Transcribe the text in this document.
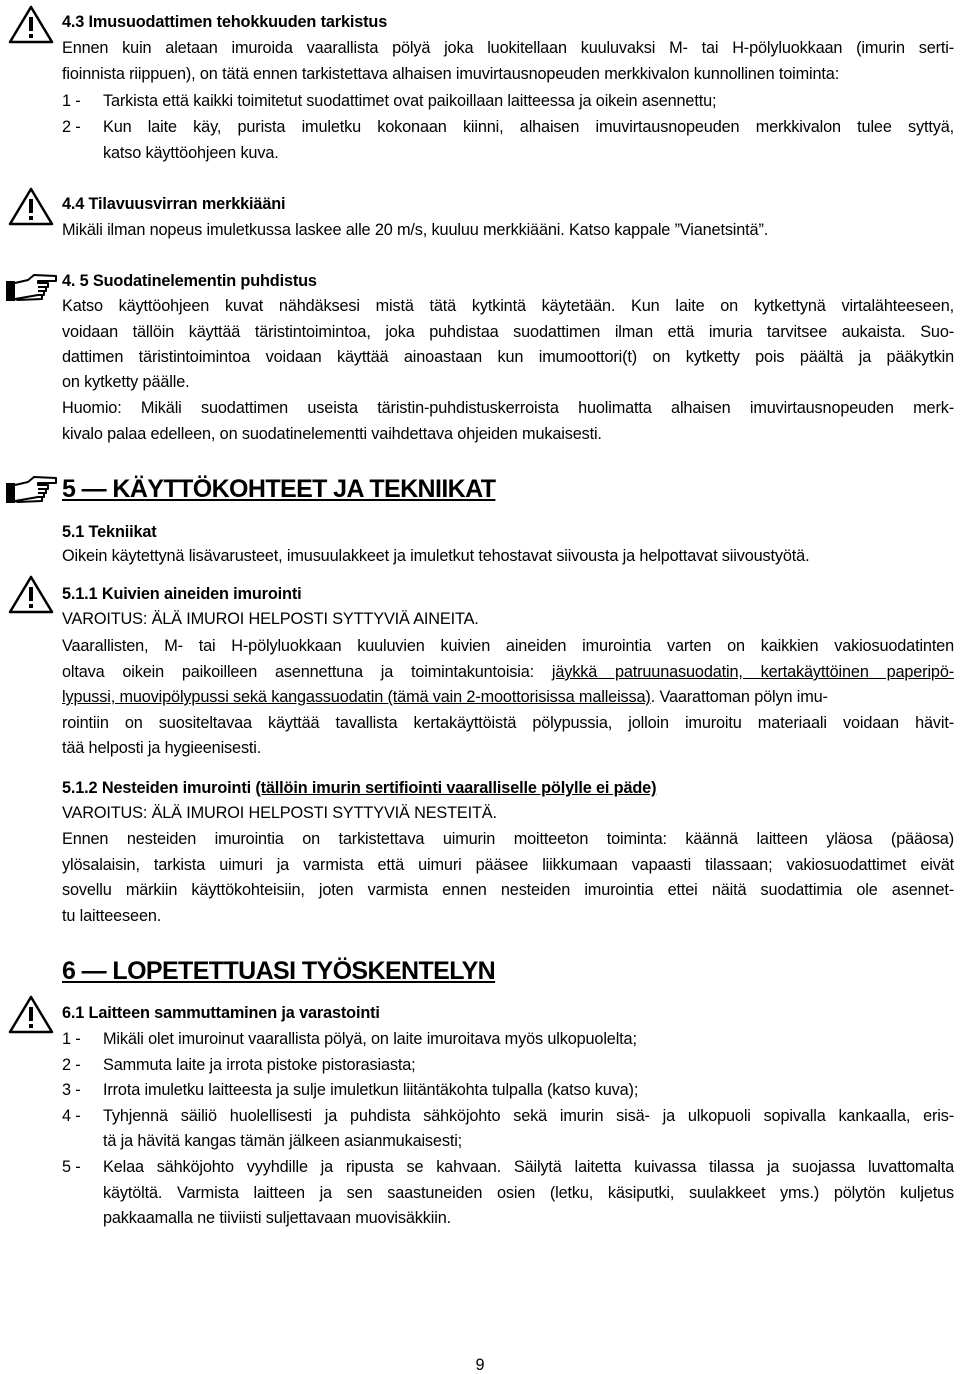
4.3 Imusuodattimen tehokkuuden tarkistus
Ennen kuin aletaan imuroida vaarallista pölyä joka luokitellaan kuuluvaksi M- tai H-pölyluokkaan (imurin serti-
fioinnista riippuen), on tätä ennen tarkistettava alhaisen imuvirtausnopeuden merkkivalon kunnollinen toiminta:
1 - Tarkista että kaikki toimitetut suodattimet ovat paikoillaan laitteessa ja oikein asennettu;
2 - Kun laite käy, purista imuletku kokonaan kiinni, alhaisen imuvirtausnopeuden merkkivalon tulee syttyä,
katso käyttöohjeen kuva.
4.4 Tilavuusvirran merkkiääni
Mikäli ilman nopeus imuletkussa laskee alle 20 m/s, kuuluu merkkiääni. Katso kappale ”Vianetsintä”.
4. 5 Suodatinelementin puhdistus
Katso käyttöohjeen kuvat nähdäksesi mistä tätä kytkintä käytetään. Kun laite on kytkettynä virtalähteeseen,
voidaan tällöin käyttää täristintoimintoa, joka puhdistaa suodattimen ilman että imuria tarvitsee aukaista. Suo-
dattimen täristintoimintoa voidaan käyttää ainoastaan kun imumoottori(t) on kytketty pois päältä ja pääkytkin
on kytketty päälle.
Huomio: Mikäli suodattimen useista täristin-puhdistuskerroista huolimatta alhaisen imuvirtausnopeuden merk-
kivalo palaa edelleen, on suodatinelementti vaihdettava ohjeiden mukaisesti.
5 — KÄYTTÖKOHTEET JA TEKNIIKAT
5.1 Tekniikat
Oikein käytettynä lisävarusteet, imusuulakkeet ja imuletkut tehostavat siivousta ja helpottavat siivoustyötä.
5.1.1 Kuivien aineiden imurointi
VAROITUS: ÄLÄ IMUROI HELPOSTI SYTTYVIÄ AINEITA.
Vaarallisten, M- tai H-pölyluokkaan kuuluvien kuivien aineiden imurointia varten on kaikkien vakiosuodatinten
oltava oikein paikoilleen asennettuna ja toimintakuntoisia: jäykkä patruunasuodatin, kertakäyttöinen paperipö-
lypussi, muovipölypussi sekä kangassuodatin (tämä vain 2-moottorisissa malleissa). Vaarattoman pölyn imu-
rointiin on suositeltavaa käyttää tavallista kertakäyttöistä pölypussia, jolloin imuroitu materiaali voidaan hävit-
tää helposti ja hygieenisesti.
5.1.2 Nesteiden imurointi (tällöin imurin sertifiointi vaaralliselle pölylle ei päde)
VAROITUS: ÄLÄ IMUROI HELPOSTI SYTTYVIÄ NESTEITÄ.
Ennen nesteiden imurointia on tarkistettava uimurin moitteeton toiminta: käännä laitteen yläosa (pääosa)
ylösalaisin, tarkista uimuri ja varmista että uimuri pääsee liikkumaan vapaasti tilassaan; vakiosuodattimet eivät
sovellu märkiin käyttökohteisiin, joten varmista ennen nesteiden imurointia ettei näitä suodattimia ole asennet-
tu laitteeseen.
6 — LOPETETTUASI TYÖSKENTELYN
6.1 Laitteen sammuttaminen ja varastointi
1 - Mikäli olet imuroinut vaarallista pölyä, on laite imuroitava myös ulkopuolelta;
2 - Sammuta laite ja irrota pistoke pistorasiasta;
3 - Irrota imuletku laitteesta ja sulje imuletkun liitäntäkohta tulpalla (katso kuva);
4 - Tyhjennä säiliö huolellisesti ja puhdista sähköjohto sekä imurin sisä- ja ulkopuoli sopivalla kankaalla, eris-
tä ja hävitä kangas tämän jälkeen asianmukaisesti;
5 - Kelaa sähköjohto vyyhdille ja ripusta se kahvaan. Säilytä laitetta kuivassa tilassa ja suojassa luvattomalta
käytöltä. Varmista laitteen ja sen saastuneiden osien (letku, käsiputki, suulakkeet yms.) pölytön kuljetus
pakkaamalla ne tiiviisti suljettavaan muovisäkkiin.
9
